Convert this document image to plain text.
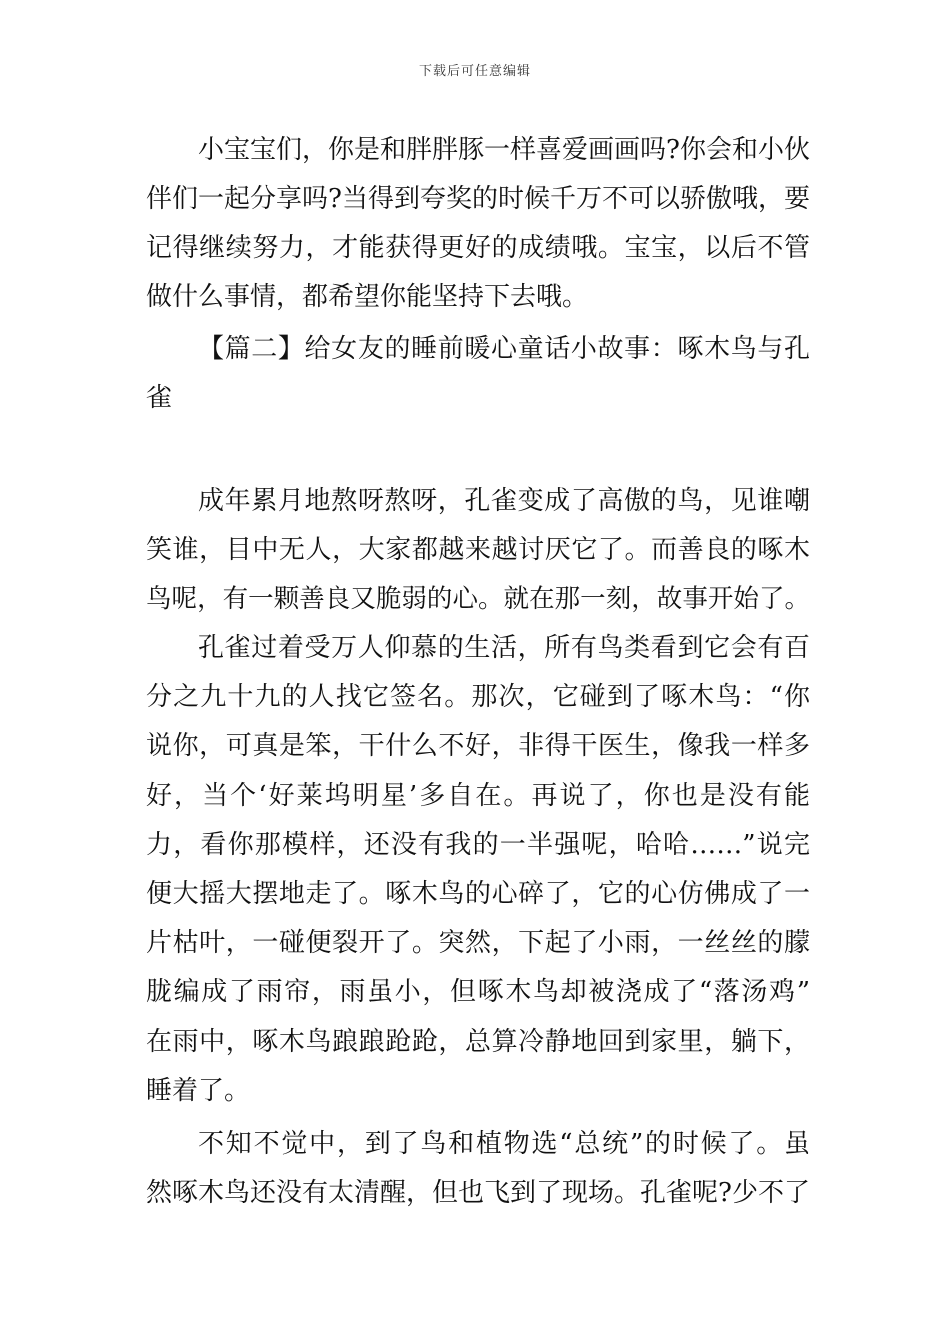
下载后可任意编辑
小宝宝们，你是和胖胖豚一样喜爱画画吗?你会和小伙
伴们一起分享吗?当得到夸奖的时候千万不可以骄傲哦，要
记得继续努力，才能获得更好的成绩哦。宝宝，以后不管
做什么事情，都希望你能坚持下去哦。
【篇二】给女友的睡前暖心童话小故事：啄木鸟与孔
雀
成年累月地熬呀熬呀，孔雀变成了高傲的鸟，见谁嘲
笑谁，目中无人，大家都越来越讨厌它了。而善良的啄木
鸟呢，有一颗善良又脆弱的心。就在那一刻，故事开始了。
孔雀过着受万人仰慕的生活，所有鸟类看到它会有百
分之九十九的人找它签名。那次，它碰到了啄木鸟：“你
说你，可真是笨，干什么不好，非得干医生，像我一样多
好，当个‘好莱坞明星’多自在。再说了，你也是没有能
力，看你那模样，还没有我的一半强呢，哈哈……”说完
便大摇大摆地走了。啄木鸟的心碎了，它的心仿佛成了一
片枯叶，一碰便裂开了。突然，下起了小雨，一丝丝的朦
胧编成了雨帘，雨虽小，但啄木鸟却被浇成了“落汤鸡”
在雨中，啄木鸟踉踉跄跄，总算冷静地回到家里，躺下，
睡着了。
不知不觉中，到了鸟和植物选“总统”的时候了。虽
然啄木鸟还没有太清醒，但也飞到了现场。孔雀呢?少不了
